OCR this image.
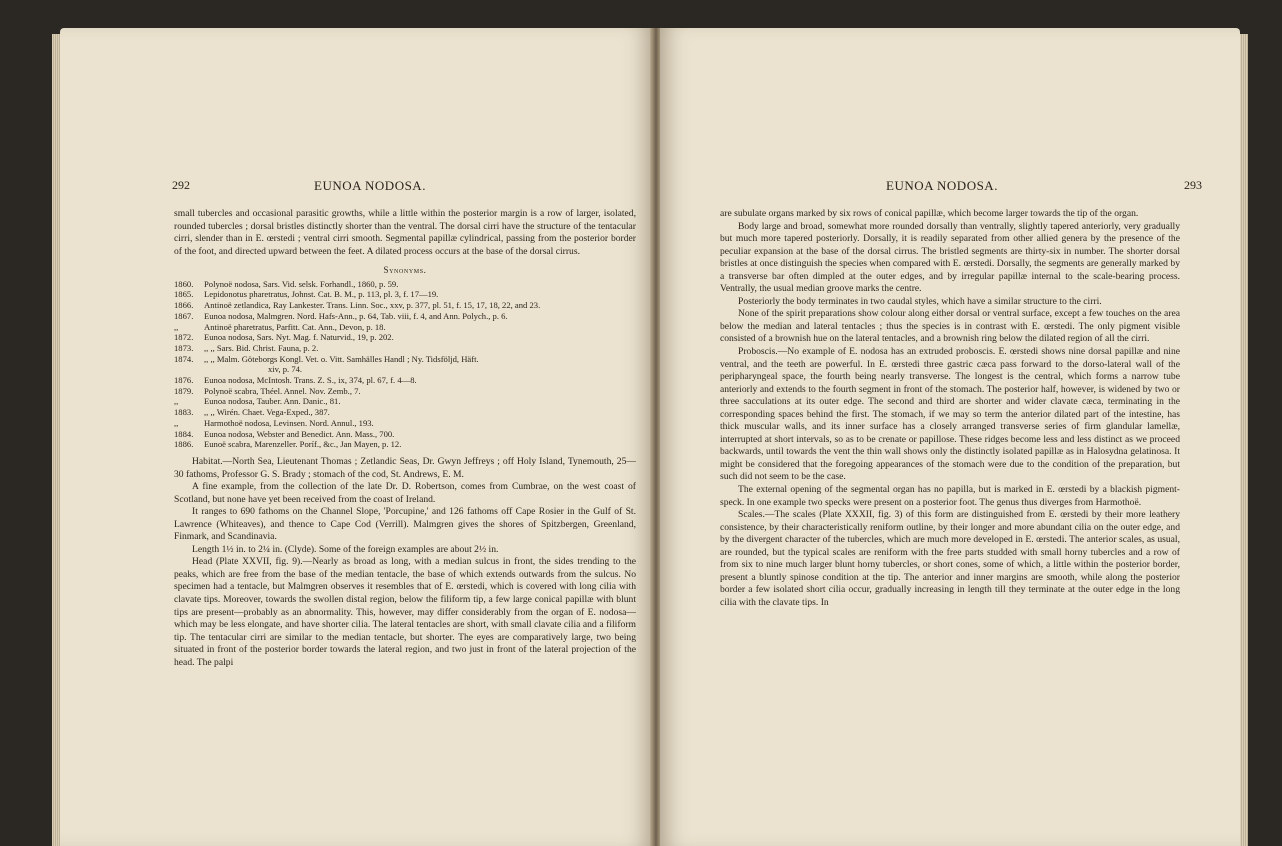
292	EUNOA NODOSA.

small tubercles and occasional parasitic growths, while a little within the posterior margin is a row of larger, isolated, rounded tubercles ; dorsal bristles distinctly shorter than the ventral. The dorsal cirri have the structure of the tentacular cirri, slender than in E. œrstedi ; ventral cirri smooth. Segmental papillæ cylindrical, passing from the posterior border of the foot, and directed upward between the feet. A dilated process occurs at the base of the dorsal cirrus.

Synonyms.
1860.	Polynoë nodosa, Sars. Vid. selsk. Forhandl., 1860, p. 59.
1865.	Lepidonotus pharetratus, Johnst. Cat. B. M., p. 113, pl. 3, f. 17—19.
1866.	Antinoë zetlandica, Ray Lankester. Trans. Linn. Soc., xxv, p. 377, pl. 51, f. 15, 17, 18, 22, and 23.
1867.	Eunoa nodosa, Malmgren. Nord. Hafs-Ann., p. 64, Tab. viii, f. 4, and Ann. Polych., p. 6.
,,	Antinoë pharetratus, Parfitt. Cat. Ann., Devon, p. 18.
1872.	Eunoa nodosa, Sars. Nyt. Mag. f. Naturvid., 19, p. 202.
1873.	,, ,, Sars. Bid. Christ. Fauna, p. 2.
1874.	,, ,, Malm. Göteborgs Kongl. Vet. o. Vitt. Samhälles Handl ; Ny. Tidsföljd, Häft.
xiv, p. 74.
1876.	Eunoa nodosa, McIntosh. Trans. Z. S., ix, 374, pl. 67, f. 4—8.
1879.	Polynoë scabra, Théel. Annel. Nov. Zemb., 7.
,,	Eunoa nodosa, Tauber. Ann. Danic., 81.
1883.	,, ,, Wirén. Chaet. Vega-Exped., 387.
,,	Harmothoë nodosa, Levinsen. Nord. Annul., 193.
1884.	Eunoa nodosa, Webster and Benedict. Ann. Mass., 700.
1886.	Eunoë scabra, Marenzeller. Poríf., &c., Jan Mayen, p. 12.

Habitat.—North Sea, Lieutenant Thomas ; Zetlandic Seas, Dr. Gwyn Jeffreys ; off Holy Island, Tynemouth, 25—30 fathoms, Professor G. S. Brady ; stomach of the cod, St. Andrews, E. M.

A fine example, from the collection of the late Dr. D. Robertson, comes from Cumbrae, on the west coast of Scotland, but none have yet been received from the coast of Ireland.

It ranges to 690 fathoms on the Channel Slope, 'Porcupine,' and 126 fathoms off Cape Rosier in the Gulf of St. Lawrence (Whiteaves), and thence to Cape Cod (Verrill). Malmgren gives the shores of Spitzbergen, Greenland, Finmark, and Scandinavia.

Length 1½ in. to 2¼ in. (Clyde). Some of the foreign examples are about 2½ in.

Head (Plate XXVII, fig. 9).—Nearly as broad as long, with a median sulcus in front, the sides trending to the peaks, which are free from the base of the median tentacle, the base of which extends outwards from the sulcus. No specimen had a tentacle, but Malmgren observes it resembles that of E. œrstedi, which is covered with long cilia with clavate tips. Moreover, towards the swollen distal region, below the filiform tip, a few large conical papillæ with blunt tips are present—probably as an abnormality. This, however, may differ considerably from the organ of E. nodosa—which may be less elongate, and have shorter cilia. The lateral tentacles are short, with small clavate cilia and a filiform tip. The tentacular cirri are similar to the median tentacle, but shorter. The eyes are comparatively large, two being situated in front of the posterior border towards the lateral region, and two just in front of the lateral projection of the head. The palpi

EUNOA NODOSA.	293

are subulate organs marked by six rows of conical papillæ, which become larger towards the tip of the organ.

Body large and broad, somewhat more rounded dorsally than ventrally, slightly tapered anteriorly, very gradually but much more tapered posteriorly. Dorsally, it is readily separated from other allied genera by the presence of the peculiar expansion at the base of the dorsal cirrus. The bristled segments are thirty-six in number. The shorter dorsal bristles at once distinguish the species when compared with E. œrstedi. Dorsally, the segments are generally marked by a transverse bar often dimpled at the outer edges, and by irregular papillæ internal to the scale-bearing process. Ventrally, the usual median groove marks the centre.

Posteriorly the body terminates in two caudal styles, which have a similar structure to the cirri.

None of the spirit preparations show colour along either dorsal or ventral surface, except a few touches on the area below the median and lateral tentacles ; thus the species is in contrast with E. œrstedi. The only pigment visible consisted of a brownish hue on the lateral tentacles, and a brownish ring below the dilated region of all the cirri.

Proboscis.—No example of E. nodosa has an extruded proboscis. E. œrstedi shows nine dorsal papillæ and nine ventral, and the teeth are powerful. In E. œrstedi three gastric cæca pass forward to the dorso-lateral wall of the peripharyngeal space, the fourth being nearly transverse. The longest is the central, which forms a narrow tube anteriorly and extends to the fourth segment in front of the stomach. The posterior half, however, is widened by two or three sacculations at its outer edge. The second and third are shorter and wider clavate cæca, terminating in the corresponding spaces behind the first. The stomach, if we may so term the anterior dilated part of the intestine, has thick muscular walls, and its inner surface has a closely arranged transverse series of firm glandular lamellæ, interrupted at short intervals, so as to be crenate or papillose. These ridges become less and less distinct as we proceed backwards, until towards the vent the thin wall shows only the distinctly isolated papillæ as in Halosydna gelatinosa. It might be considered that the foregoing appearances of the stomach were due to the condition of the preparation, but such did not seem to be the case.

The external opening of the segmental organ has no papilla, but is marked in E. œrstedi by a blackish pigment-speck. In one example two specks were present on a posterior foot. The genus thus diverges from Harmothoë.

Scales.—The scales (Plate XXXII, fig. 3) of this form are distinguished from E. œrstedi by their more leathery consistence, by their characteristically reniform outline, by their longer and more abundant cilia on the outer edge, and by the divergent character of the tubercles, which are much more developed in E. œrstedi. The anterior scales, as usual, are rounded, but the typical scales are reniform with the free parts studded with small horny tubercles and a row of from six to nine much larger blunt horny tubercles, or short cones, some of which, a little within the posterior border, present a bluntly spinose condition at the tip. The anterior and inner margins are smooth, while along the posterior border a few isolated short cilia occur, gradually increasing in length till they terminate at the outer edge in the long cilia with the clavate tips. In
